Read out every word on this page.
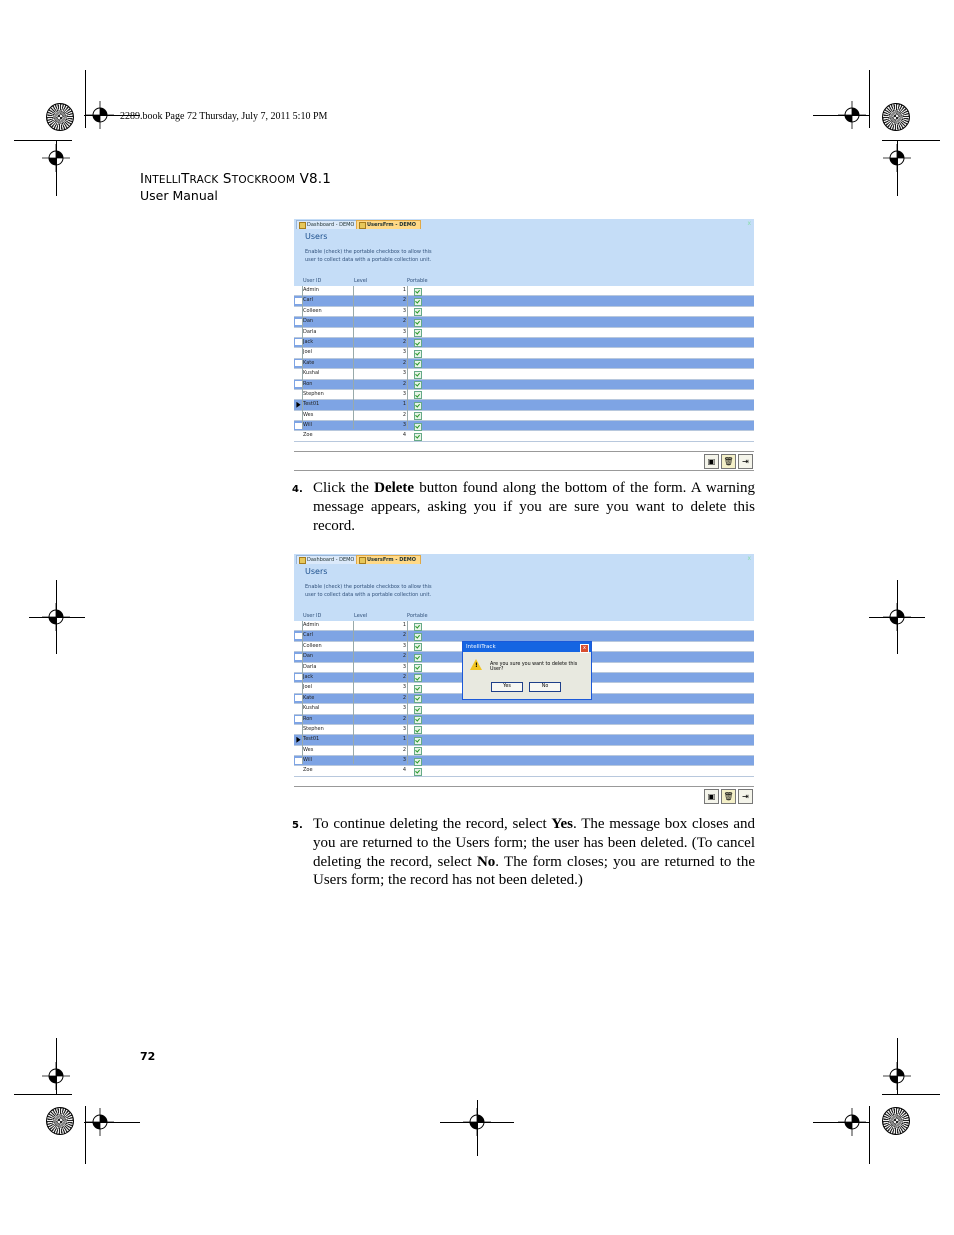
2289.book Page 72 Thursday, July 7, 2011 5:10 PM
INTELLITRACK STOCKROOM V8.1
User Manual
Dashboard - DEMO	UsersFrm - DEMO	x
Users
Enable (check) the portable checkbox to allow this user to collect data with a portable collection unit.
User ID	Level	Portable
Admin	1
Carl	2
Colleen	3
Dan	2
Darla	3
Jack	2
Joel	3
Kate	2
Kushal	3
Ron	2
Stephen	3
Test01	1
Wes	2
Will	3
Zoe	4
▣	🗑	⇥
4. Click the Delete button found along the bottom of the form. A warning message appears, asking you if you are sure you want to delete this record.
Dashboard - DEMO	UsersFrm - DEMO	x
Users
Enable (check) the portable checkbox to allow this user to collect data with a portable collection unit.
User ID	Level	Portable
Admin	1
Carl	2
Colleen	3
Dan	2
Darla	3
Jack	2
Joel	3
Kate	2
Kushal	3
Ron	2
Stephen	3
Test01	1
Wes	2
Will	3
Zoe	4
▣	🗑	⇥
IntelliTrack	x
!	Are you sure you want to delete this User?
Yes	No
5. To continue deleting the record, select Yes. The message box closes and you are returned to the Users form; the user has been deleted. (To cancel deleting the record, select No. The form closes; you are returned to the Users form; the record has not been deleted.)
72
